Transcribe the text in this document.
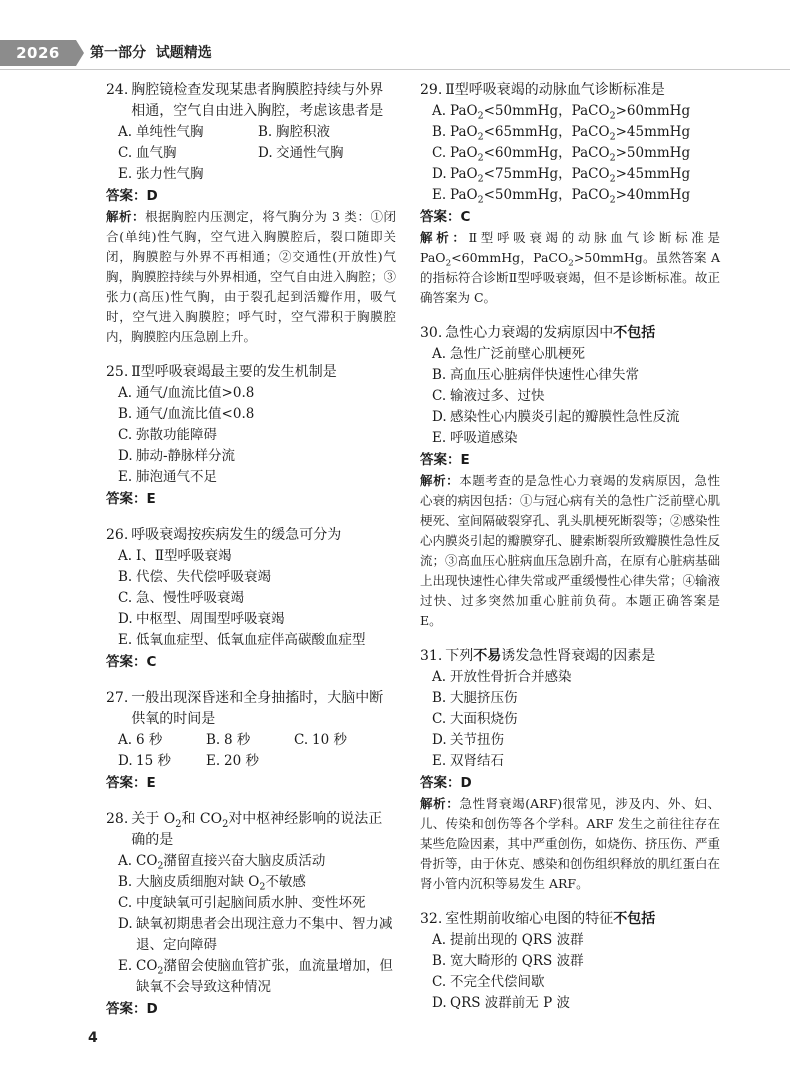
2026	第一部分 试题精选
24. 胸腔镜检查发现某患者胸膜腔持续与外界相通，空气自由进入胸腔，考虑该患者是
A. 单纯性气胸	B. 胸腔积液
C. 血气胸	D. 交通性气胸
E. 张力性气胸
答案：D
解析：根据胸腔内压测定，将气胸分为 3 类：①闭合(单纯)性气胸，空气进入胸膜腔后，裂口随即关闭，胸膜腔与外界不再相通；②交通性(开放性)气胸，胸膜腔持续与外界相通，空气自由进入胸腔；③张力(高压)性气胸，由于裂孔起到活瓣作用，吸气时，空气进入胸膜腔；呼气时，空气滞积于胸膜腔内，胸膜腔内压急剧上升。
25. Ⅱ型呼吸衰竭最主要的发生机制是
A. 通气/血流比值>0.8
B. 通气/血流比值<0.8
C. 弥散功能障碍
D. 肺动-静脉样分流
E. 肺泡通气不足
答案：E
26. 呼吸衰竭按疾病发生的缓急可分为
A. Ⅰ、Ⅱ型呼吸衰竭
B. 代偿、失代偿呼吸衰竭
C. 急、慢性呼吸衰竭
D. 中枢型、周围型呼吸衰竭
E. 低氧血症型、低氧血症伴高碳酸血症型
答案：C
27. 一般出现深昏迷和全身抽搐时，大脑中断供氧的时间是
A. 6 秒	B. 8 秒	C. 10 秒
D. 15 秒	E. 20 秒
答案：E
28. 关于 $O_2$和 $CO_2$对中枢神经影响的说法正确的是
A. $CO_2$潴留直接兴奋大脑皮质活动
B. 大脑皮质细胞对缺 $O_2$不敏感
C. 中度缺氧可引起脑间质水肿、变性坏死
D. 缺氧初期患者会出现注意力不集中、智力减退、定向障碍
E. $CO_2$潴留会使脑血管扩张，血流量增加，但缺氧不会导致这种情况
答案：D
29. Ⅱ型呼吸衰竭的动脉血气诊断标准是
A. PaO$_2$<50mmHg，PaCO$_2$>60mmHg
B. PaO$_2$<65mmHg，PaCO$_2$>45mmHg
C. PaO$_2$<60mmHg，PaCO$_2$>50mmHg
D. PaO$_2$<75mmHg，PaCO$_2$>45mmHg
E. PaO$_2$<50mmHg，PaCO$_2$>40mmHg
答案：C
解析：Ⅱ型呼吸衰竭的动脉血气诊断标准是 PaO$_2$<60mmHg，PaCO$_2$>50mmHg。虽然答案 A 的指标符合诊断Ⅱ型呼吸衰竭，但不是诊断标准。故正确答案为 C。
30. 急性心力衰竭的发病原因中不包括
A. 急性广泛前壁心肌梗死
B. 高血压心脏病伴快速性心律失常
C. 输液过多、过快
D. 感染性心内膜炎引起的瓣膜性急性反流
E. 呼吸道感染
答案：E
解析：本题考查的是急性心力衰竭的发病原因，急性心衰的病因包括：①与冠心病有关的急性广泛前壁心肌梗死、室间隔破裂穿孔、乳头肌梗死断裂等；②感染性心内膜炎引起的瓣膜穿孔、腱索断裂所致瓣膜性急性反流；③高血压心脏病血压急剧升高，在原有心脏病基础上出现快速性心律失常或严重缓慢性心律失常；④输液过快、过多突然加重心脏前负荷。本题正确答案是 E。
31. 下列不易诱发急性肾衰竭的因素是
A. 开放性骨折合并感染
B. 大腿挤压伤
C. 大面积烧伤
D. 关节扭伤
E. 双肾结石
答案：D
解析：急性肾衰竭(ARF)很常见，涉及内、外、妇、儿、传染和创伤等各个学科。ARF 发生之前往往存在某些危险因素，其中严重创伤，如烧伤、挤压伤、严重骨折等，由于休克、感染和创伤组织释放的肌红蛋白在肾小管内沉积等易发生 ARF。
32. 室性期前收缩心电图的特征不包括
A. 提前出现的 QRS 波群
B. 宽大畸形的 QRS 波群
C. 不完全代偿间歇
D. QRS 波群前无 P 波
4
